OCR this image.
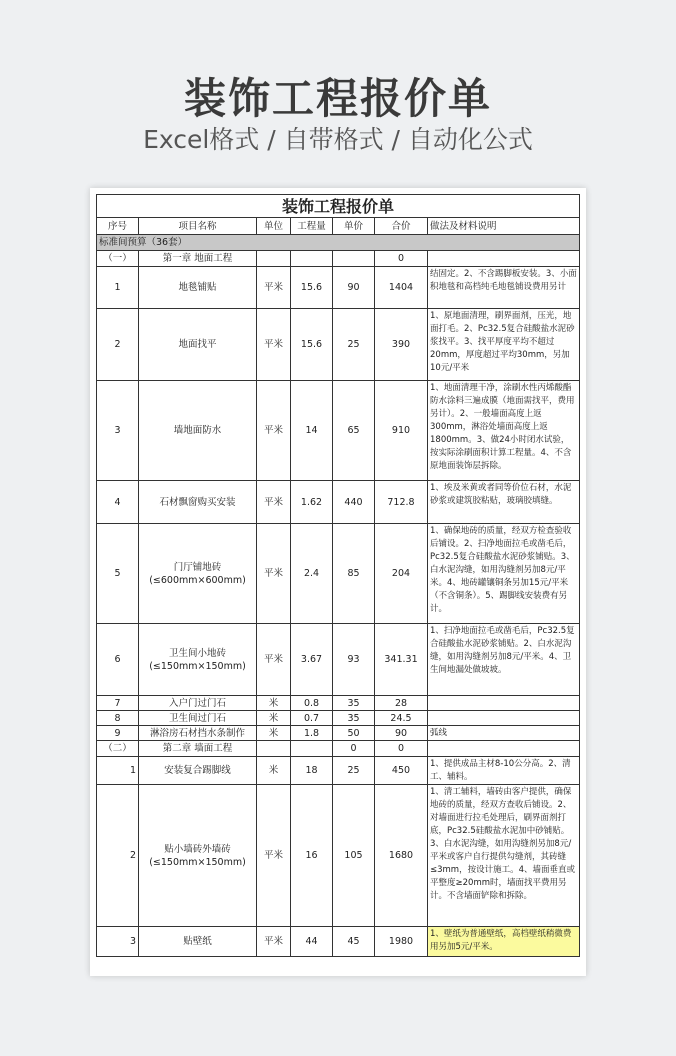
装饰工程报价单
Excel格式 / 自带格式 / 自动化公式
装饰工程报价单						
序号	项目名称	单位	工程量	单价	合价	做法及材料说明
标准间预算（36套）						
（一）	第一章 地面工程				0	
1	地毯铺贴	平米	15.6	90	1404	结固定。2、不含踢脚板安装。3、小面积地毯和高档纯毛地毯铺设费用另计
2	地面找平	平米	15.6	25	390	1、原地面清理，刷界面剂，压光，地面打毛。2、Pc32.5复合硅酸盐水泥砂浆找平。3、找平厚度平均不超过20mm，厚度超过平均30mm，另加10元/平米
3	墙地面防水	平米	14	65	910	1、地面清理干净，涂刷水性丙烯酸酯防水涂料三遍成膜（地面需找平，费用另计）。2、一般墙面高度上返300mm，淋浴处墙面高度上返1800mm。3、做24小时闭水试验，按实际涂刷面积计算工程量。4、不含原地面装饰层拆除。
4	石材飘窗购买安装	平米	1.62	440	712.8	1、埃及米黄或者同等价位石材，水泥砂浆或建筑胶粘贴，玻璃胶填缝。
5	门厅铺地砖(≤600mm×600mm)	平米	2.4	85	204	1、确保地砖的质量，经双方检查验收后铺设。2、扫净地面拉毛或凿毛后，Pc32.5复合硅酸盐水泥砂浆铺贴。3、白水泥沟缝，如用沟缝剂另加8元/平米。4、地砖罐镶铜条另加15元/平米（不含铜条）。5、踢脚线安装费有另计。
6	卫生间小地砖(≤150mm×150mm)	平米	3.67	93	341.31	1、扫净地面拉毛或凿毛后，Pc32.5复合硅酸盐水泥砂浆铺贴。2、白水泥沟缝，如用沟缝剂另加8元/平米。4、卫生间地漏处做坡坡。
7	入户门过门石	米	0.8	35	28	
8	卫生间过门石	米	0.7	35	24.5	
9	淋浴房石材挡水条制作	米	1.8	50	90	弧线
（二）	第二章 墙面工程			0	0	
1	安装复合踢脚线	米	18	25	450	1、提供成品主材8-10公分高。2、清工、辅料。
2	贴小墙砖外墙砖(≤150mm×150mm)	平米	16	105	1680	1、清工辅料，墙砖由客户提供，确保地砖的质量，经双方查收后铺设。2、对墙面进行拉毛处理后，刷界面剂打底，Pc32.5硅酸盐水泥加中砂铺贴。3、白水泥沟缝，如用沟缝剂另加8元/平米或客户自行提供勾缝剂，其砖缝≤3mm，按设计施工。4、墙面垂直或平整度≥20mm时，墙面找平费用另计。不含墙面铲除和拆除。
3	贴壁纸	平米	44	45	1980	1、壁纸为普通壁纸，高档壁纸稍微费用另加5元/平米。
